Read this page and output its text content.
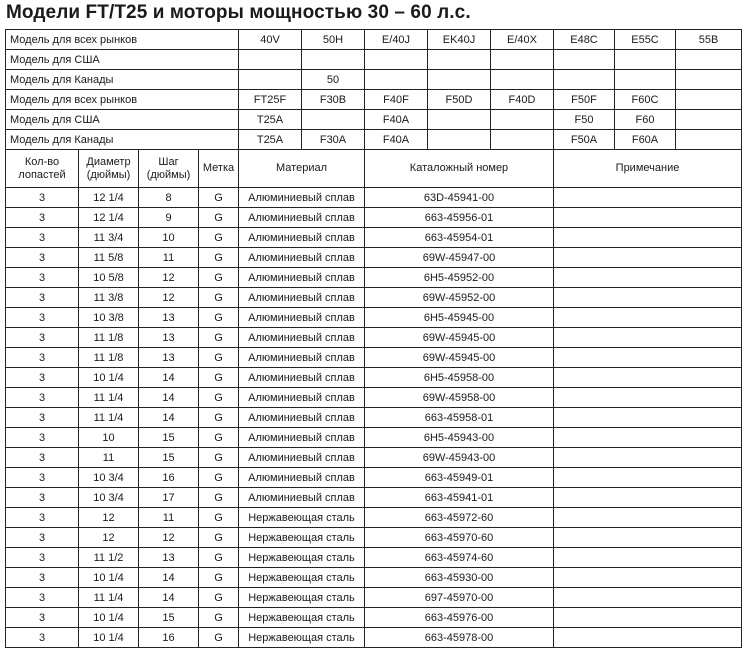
Модели FT/T25 и моторы мощностью 30 – 60 л.с.
Модель для всех рынков				40V	50H	E/40J	EK40J	E/40X	E48C	E55C	55B
Модель для США											
Модель для Канады					50						
Модель для всех рынков				FT25F	F30B	F40F	F50D	F40D	F50F	F60C	
Модель для США				T25A		F40A			F50	F60	
Модель для Канады				T25A	F30A	F40A			F50A	F60A	
Кол-во лопастей	Диаметр (дюймы)	Шаг (дюймы)	Метка	Материал		Каталожный номер			Примечание		
3	12 1/4	8	G	Алюминиевый сплав		63D-45941-00					
3	12 1/4	9	G	Алюминиевый сплав		663-45956-01					
3	11 3/4	10	G	Алюминиевый сплав		663-45954-01					
3	11 5/8	11	G	Алюминиевый сплав		69W-45947-00					
3	10 5/8	12	G	Алюминиевый сплав		6H5-45952-00					
3	11 3/8	12	G	Алюминиевый сплав		69W-45952-00					
3	10 3/8	13	G	Алюминиевый сплав		6H5-45945-00					
3	11 1/8	13	G	Алюминиевый сплав		69W-45945-00					
3	11 1/8	13	G	Алюминиевый сплав		69W-45945-00					
3	10 1/4	14	G	Алюминиевый сплав		6H5-45958-00					
3	11 1/4	14	G	Алюминиевый сплав		69W-45958-00					
3	11 1/4	14	G	Алюминиевый сплав		663-45958-01					
3	10	15	G	Алюминиевый сплав		6H5-45943-00					
3	11	15	G	Алюминиевый сплав		69W-45943-00					
3	10 3/4	16	G	Алюминиевый сплав		663-45949-01					
3	10 3/4	17	G	Алюминиевый сплав		663-45941-01					
3	12	11	G	Нержавеющая сталь		663-45972-60					
3	12	12	G	Нержавеющая сталь		663-45970-60					
3	11 1/2	13	G	Нержавеющая сталь		663-45974-60					
3	10 1/4	14	G	Нержавеющая сталь		663-45930-00					
3	11 1/4	14	G	Нержавеющая сталь		697-45970-00					
3	10 1/4	15	G	Нержавеющая сталь		663-45976-00					
3	10 1/4	16	G	Нержавеющая сталь		663-45978-00					
